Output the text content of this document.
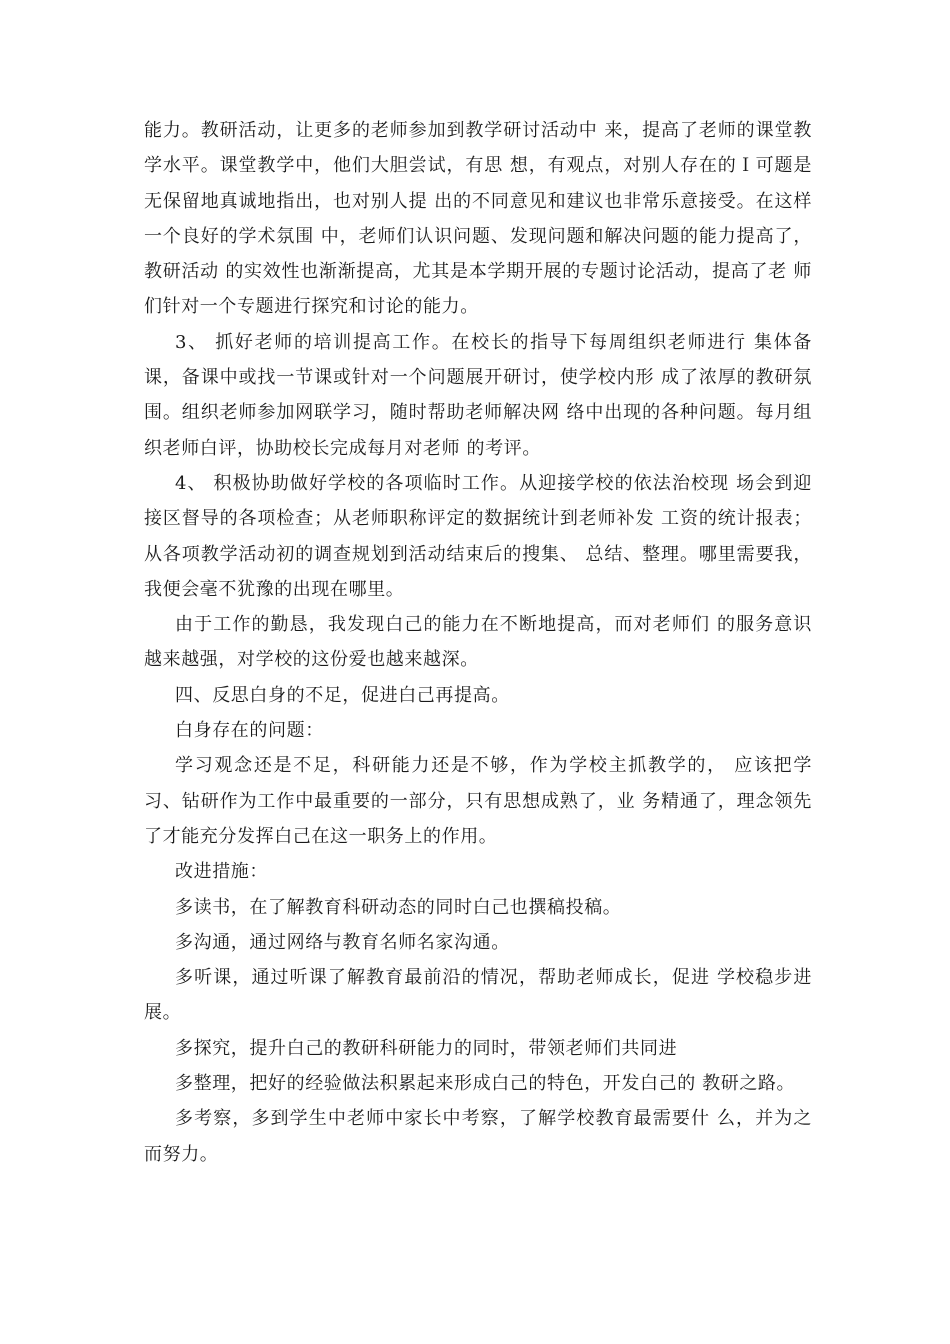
能力。教研活动，让更多的老师参加到教学研讨活动中 来，提高了老师的课堂教学水平。课堂教学中，他们大胆尝试，有思 想，有观点，对别人存在的Ｉ可题是无保留地真诚地指出，也对别人提 出的不同意见和建议也非常乐意接受。在这样一个良好的学术氛围 中，老师们认识问题、发现问题和解决问题的能力提高了，教研活动 的实效性也渐渐提高，尤其是本学期开展的专题讨论活动，提高了老 师们针对一个专题进行探究和讨论的能力。

3、 抓好老师的培训提高工作。在校长的指导下每周组织老师进行 集体备课，备课中或找一节课或针对一个问题展开研讨，使学校内形 成了浓厚的教研氛围。组织老师参加网联学习，随时帮助老师解决网 络中出现的各种问题。每月组织老师白评，协助校长完成每月对老师 的考评。

4、 积极协助做好学校的各项临时工作。从迎接学校的依法治校现 场会到迎接区督导的各项检查；从老师职称评定的数据统计到老师补发 工资的统计报表；从各项教学活动初的调查规划到活动结束后的搜集、 总结、整理。哪里需要我，我便会毫不犹豫的出现在哪里。

由于工作的勤恳，我发现白己的能力在不断地提高，而对老师们 的服务意识越来越强，对学校的这份爱也越来越深。

四、反思白身的不足，促进白己再提高。

白身存在的问题：

学习观念还是不足，科研能力还是不够，作为学校主抓教学的， 应该把学习、钻研作为工作中最重要的一部分，只有思想成熟了，业 务精通了，理念领先了才能充分发挥白己在这一职务上的作用。

改进措施：

多读书，在了解教育科研动态的同时白己也撰稿投稿。

多沟通，通过网络与教育名师名家沟通。

多听课，通过听课了解教育最前沿的情况，帮助老师成长，促进 学校稳步进展。

多探究，提升白己的教研科研能力的同时，带领老师们共同进

多整理，把好的经验做法积累起来形成白己的特色，开发白己的 教研之路。

多考察，多到学生中老师中家长中考察，了解学校教育最需要什 么，并为之而努力。
